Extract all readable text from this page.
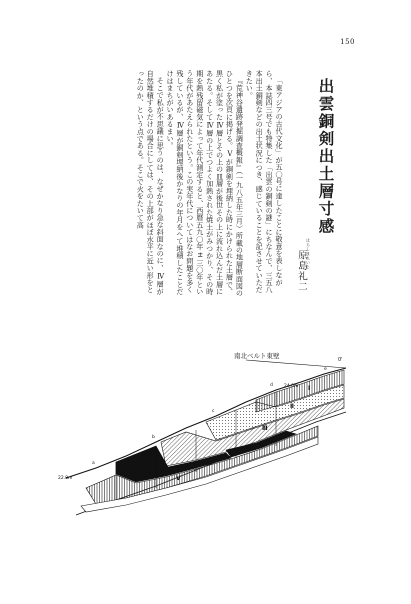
150
出雲銅剣出土層寸感
はらしまれいじ
原島礼二

「東アジアの古代文化」が五〇号に達したことに敬意を表しながら、本誌四三号でも特集した「出雲の銅剣の謎」にちなんで、三五八本出土銅剣などの出土状況につき、感じていることを記させていただきたい。

『荒神谷遺跡発掘調査概報』（一九八五年三月）所載の地層断面図のひとつを次頁に掲げる。Ⅴが銅剣を埋納した時にかけられた土層で、黒く私が塗ったⅣ層とその上の皿層が後世その上に流れ込んだ土層にあたる。そしてⅣ層の上でつよく加熱された焼土がみつかり、その時期を熱残留磁気によって年代測定すると、西暦五九〇年±三〇年という年代があたえられたという。この実年代についてはなお問題を多く残しているが、Ⅳ層が銅剣埋納後かなりの年月をへて堆積したことだけはまちがいあるまい。

そこで私が不思議に思うのは、なぜかなり急な斜面なのに、Ⅳ層が自然堆積するだけの場合にしては、その上部がほぼ水平に近い形をとったのか、という点である。そこで火をたいて高

南北ベルト東壁	0'
24.0m
22.8m
Ⅰ
Ⅱ
Ⅲ
Ⅳ
Ⅴ
a
b
c
d
e
